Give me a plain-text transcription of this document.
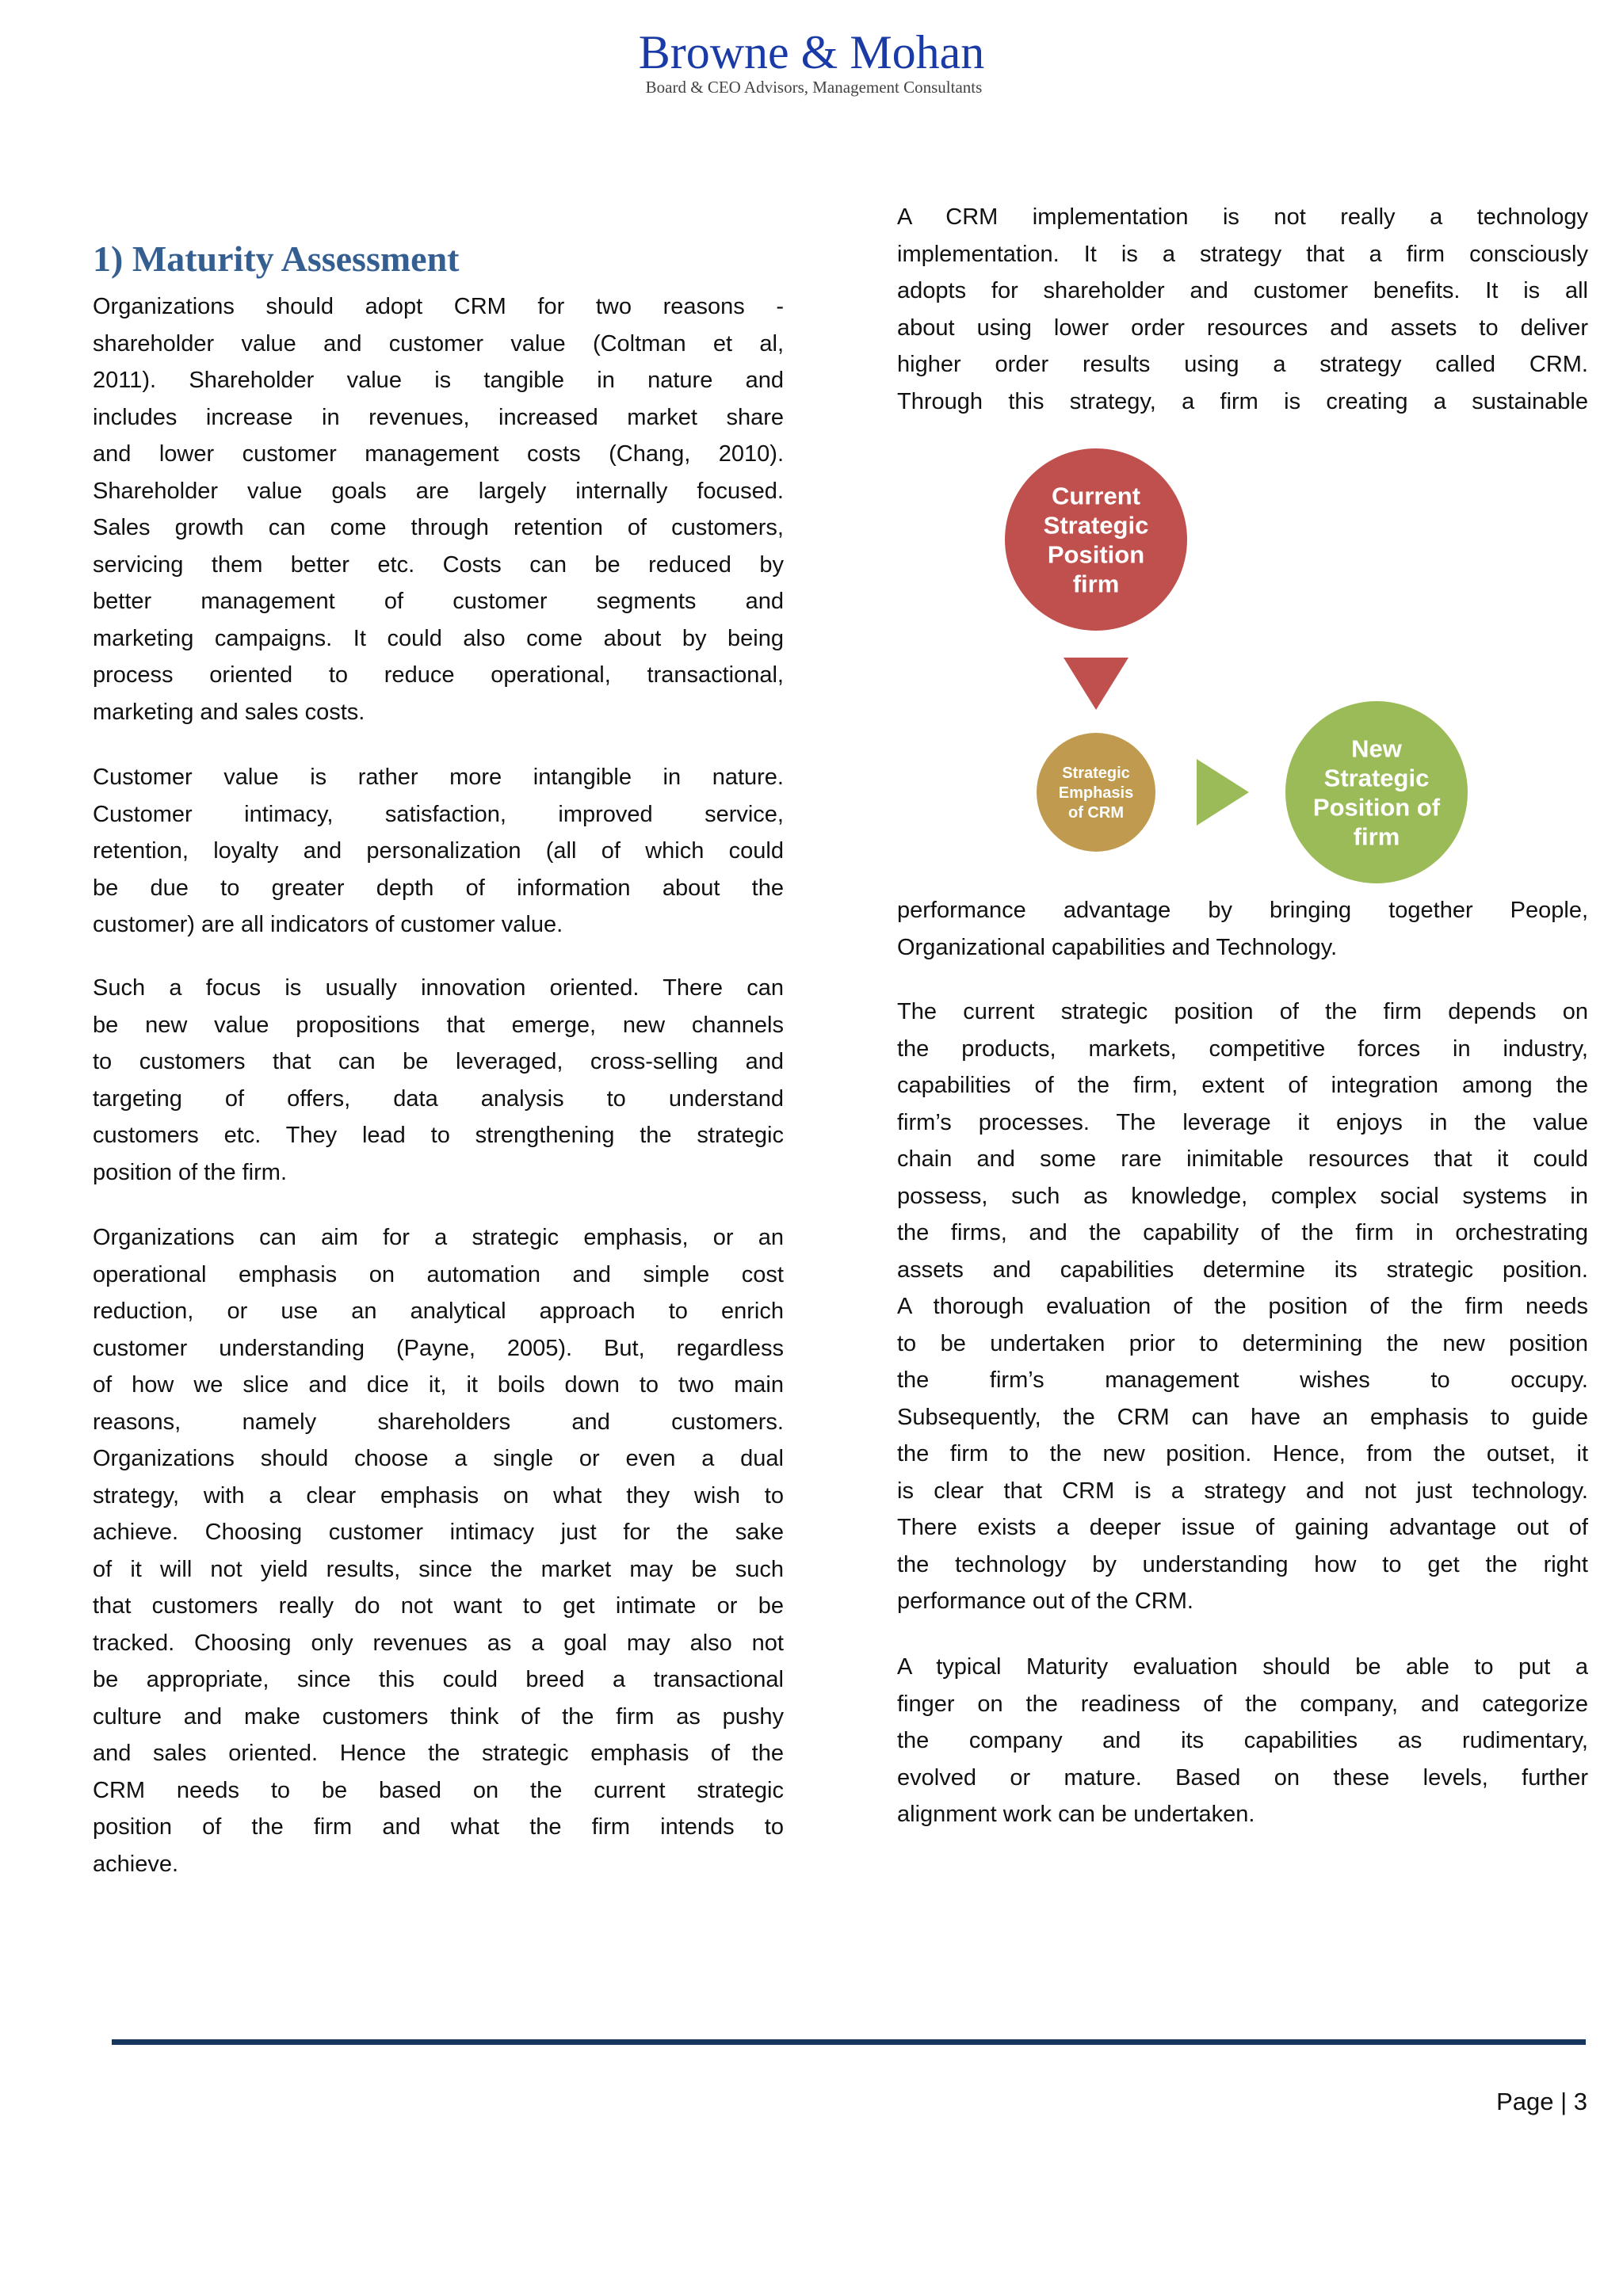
Browne & Mohan
Board & CEO Advisors, Management Consultants
1) Maturity Assessment
Organizations should adopt CRM for two reasons -
shareholder value and customer value (Coltman et al,
2011). Shareholder value is tangible in nature and
includes increase in revenues, increased market share
and lower customer management costs (Chang, 2010).
Shareholder value goals are largely internally focused.
Sales growth can come through retention of customers,
servicing them better etc. Costs can be reduced by
better management of customer segments and
marketing campaigns. It could also come about by being
process oriented to reduce operational, transactional,
marketing and sales costs.
Customer value is rather more intangible in nature.
Customer intimacy, satisfaction, improved service,
retention, loyalty and personalization (all of which could
be due to greater depth of information about the
customer) are all indicators of customer value.
Such a focus is usually innovation oriented. There can
be new value propositions that emerge, new channels
to customers that can be leveraged, cross-selling and
targeting of offers, data analysis to understand
customers etc. They lead to strengthening the strategic
position of the firm.
Organizations can aim for a strategic emphasis, or an
operational emphasis on automation and simple cost
reduction, or use an analytical approach to enrich
customer understanding (Payne, 2005). But, regardless
of how we slice and dice it, it boils down to two main
reasons, namely shareholders and customers.
Organizations should choose a single or even a dual
strategy, with a clear emphasis on what they wish to
achieve. Choosing customer intimacy just for the sake
of it will not yield results, since the market may be such
that customers really do not want to get intimate or be
tracked. Choosing only revenues as a goal may also not
be appropriate, since this could breed a transactional
culture and make customers think of the firm as pushy
and sales oriented. Hence the strategic emphasis of the
CRM needs to be based on the current strategic
position of the firm and what the firm intends to
achieve.
A CRM implementation is not really a technology
implementation. It is a strategy that a firm consciously
adopts for shareholder and customer benefits. It is all
about using lower order resources and assets to deliver
higher order results using a strategy called CRM.
Through this strategy, a firm is creating a sustainable
performance advantage by bringing together People,
Organizational capabilities and Technology.
The current strategic position of the firm depends on
the products, markets, competitive forces in industry,
capabilities of the firm, extent of integration among the
firm’s processes. The leverage it enjoys in the value
chain and some rare inimitable resources that it could
possess, such as knowledge, complex social systems in
the firms, and the capability of the firm in orchestrating
assets and capabilities determine its strategic position.
A thorough evaluation of the position of the firm needs
to be undertaken prior to determining the new position
the firm’s management wishes to occupy.
Subsequently, the CRM can have an emphasis to guide
the firm to the new position. Hence, from the outset, it
is clear that CRM is a strategy and not just technology.
There exists a deeper issue of gaining advantage out of
the technology by understanding how to get the right
performance out of the CRM.
A typical Maturity evaluation should be able to put a
finger on the readiness of the company, and categorize
the company and its capabilities as rudimentary,
evolved or mature. Based on these levels, further
alignment work can be undertaken.
Current
Strategic
Position
firm
Strategic
Emphasis
of CRM
New
Strategic
Position of
firm
Page | 3
